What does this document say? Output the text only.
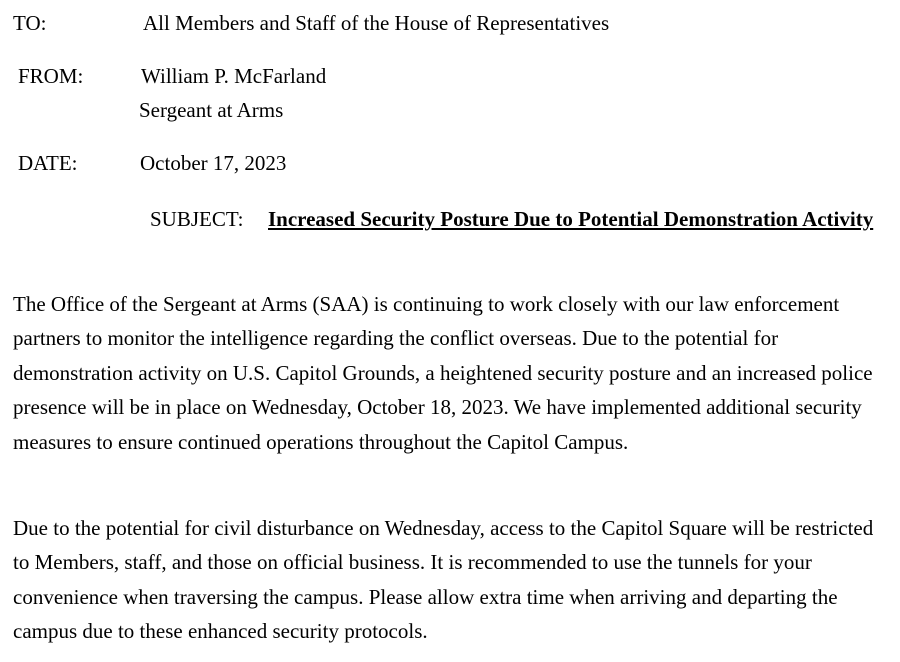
TO:	All Members and Staff of the House of Representatives
FROM:	William P. McFarland
Sergeant at Arms
DATE:	October 17, 2023
SUBJECT: Increased Security Posture Due to Potential Demonstration Activity

The Office of the Sergeant at Arms (SAA) is continuing to work closely with our law enforcement partners to monitor the intelligence regarding the conflict overseas. Due to the potential for demonstration activity on U.S. Capitol Grounds, a heightened security posture and an increased police presence will be in place on Wednesday, October 18, 2023. We have implemented additional security measures to ensure continued operations throughout the Capitol Campus.

Due to the potential for civil disturbance on Wednesday, access to the Capitol Square will be restricted to Members, staff, and those on official business. It is recommended to use the tunnels for your convenience when traversing the campus. Please allow extra time when arriving and departing the campus due to these enhanced security protocols.
